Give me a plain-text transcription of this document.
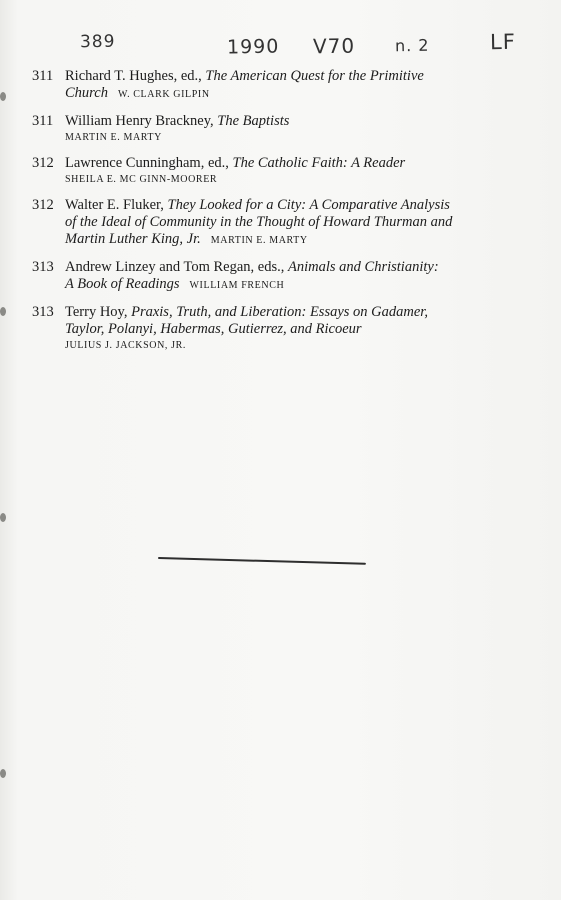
389	1990 V70 n. 2	LF
311 Richard T. Hughes, ed., The American Quest for the Primitive
Church W. CLARK GILPIN
311 William Henry Brackney, The Baptists
MARTIN E. MARTY
312 Lawrence Cunningham, ed., The Catholic Faith: A Reader
SHEILA E. MC GINN-MOORER
312 Walter E. Fluker, They Looked for a City: A Comparative Analysis
of the Ideal of Community in the Thought of Howard Thurman and
Martin Luther King, Jr. MARTIN E. MARTY
313 Andrew Linzey and Tom Regan, eds., Animals and Christianity:
A Book of Readings WILLIAM FRENCH
313 Terry Hoy, Praxis, Truth, and Liberation: Essays on Gadamer,
Taylor, Polanyi, Habermas, Gutierrez, and Ricoeur
JULIUS J. JACKSON, JR.
